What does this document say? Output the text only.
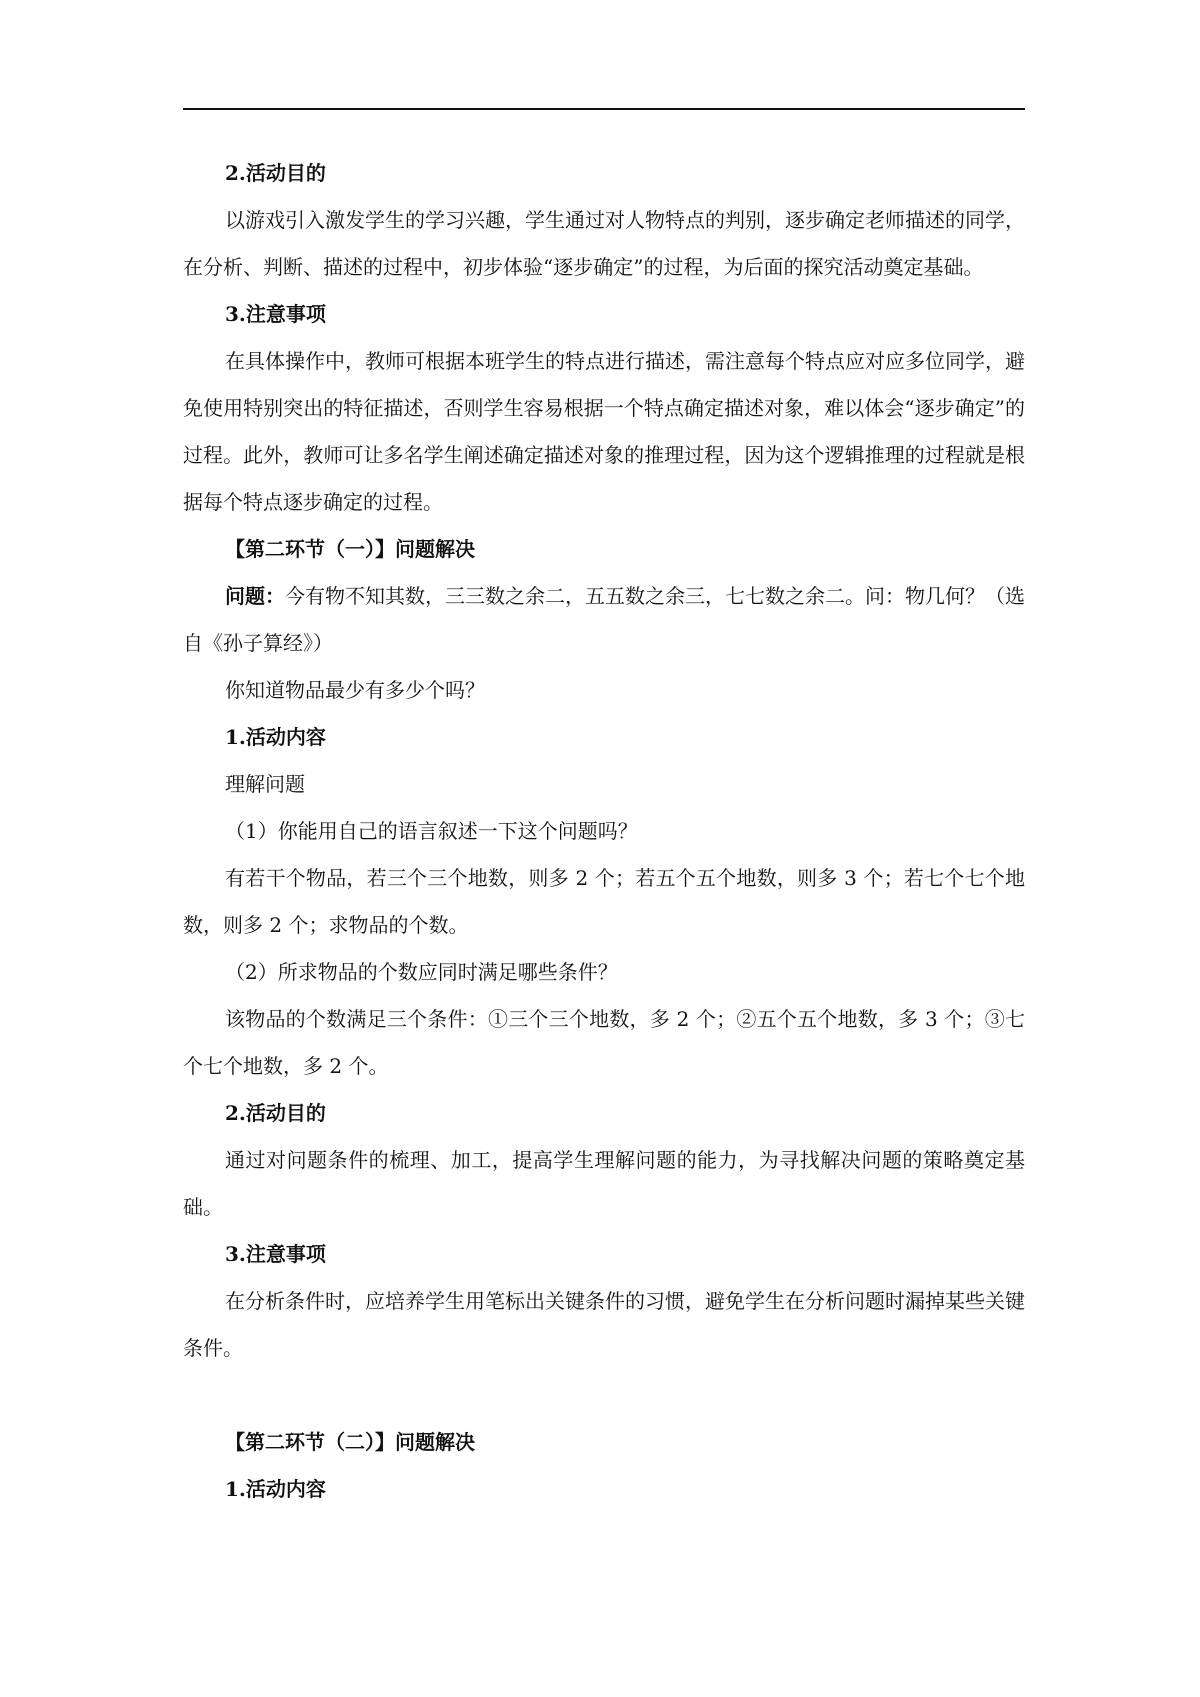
2.活动目的

以游戏引入激发学生的学习兴趣，学生通过对人物特点的判别，逐步确定老师描述的同学，在分析、判断、描述的过程中，初步体验“逐步确定”的过程，为后面的探究活动奠定基础。

3.注意事项

在具体操作中，教师可根据本班学生的特点进行描述，需注意每个特点应对应多位同学，避免使用特别突出的特征描述，否则学生容易根据一个特点确定描述对象，难以体会“逐步确定”的过程。此外，教师可让多名学生阐述确定描述对象的推理过程，因为这个逻辑推理的过程就是根据每个特点逐步确定的过程。

【第二环节（一）】问题解决

问题：今有物不知其数，三三数之余二，五五数之余三，七七数之余二。问：物几何？（选自《孙子算经》）

你知道物品最少有多少个吗？

1.活动内容

理解问题

（1）你能用自己的语言叙述一下这个问题吗？

有若干个物品，若三个三个地数，则多 2 个；若五个五个地数，则多 3 个；若七个七个地数，则多 2 个；求物品的个数。

（2）所求物品的个数应同时满足哪些条件？

该物品的个数满足三个条件：①三个三个地数，多 2 个；②五个五个地数，多 3 个；③七个七个地数，多 2 个。

2.活动目的

通过对问题条件的梳理、加工，提高学生理解问题的能力，为寻找解决问题的策略奠定基础。

3.注意事项

在分析条件时，应培养学生用笔标出关键条件的习惯，避免学生在分析问题时漏掉某些关键条件。

【第二环节（二）】问题解决

1.活动内容
